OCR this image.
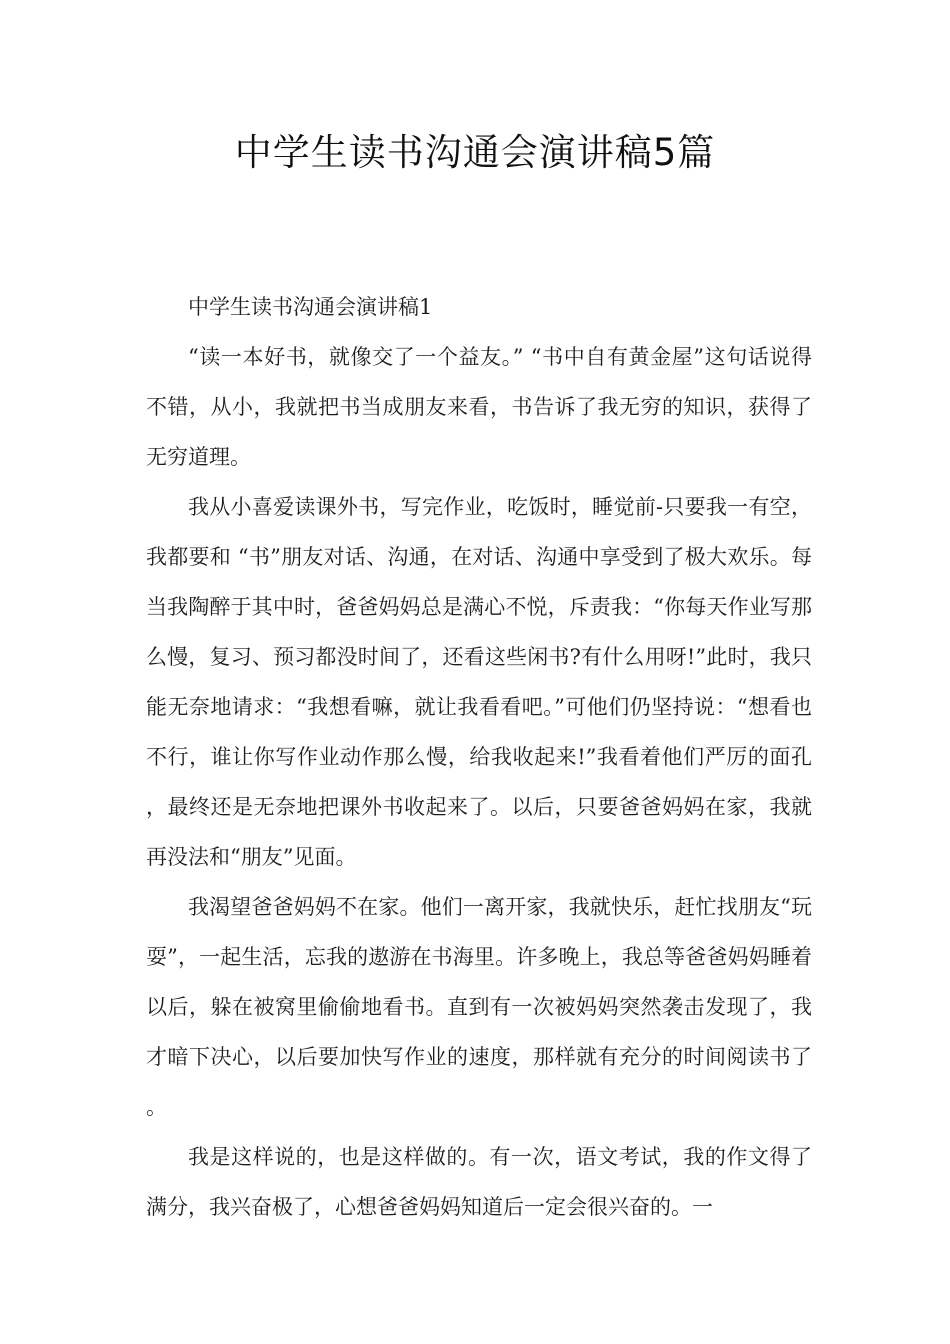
中学生读书沟通会演讲稿5篇

中学生读书沟通会演讲稿1

“读一本好书，就像交了一个益友。” “书中自有黄金屋”这句话说得不错，从小，我就把书当成朋友来看，书告诉了我无穷的知识，获得了无穷道理。

我从小喜爱读课外书，写完作业，吃饭时，睡觉前-只要我一有空，我都要和 “书”朋友对话、沟通，在对话、沟通中享受到了极大欢乐。每当我陶醉于其中时，爸爸妈妈总是满心不悦，斥责我：“你每天作业写那么慢，复习、预习都没时间了，还看这些闲书?有什么用呀!”此时，我只能无奈地请求：“我想看嘛，就让我看看吧。”可他们仍坚持说：“想看也不行，谁让你写作业动作那么慢，给我收起来!”我看着他们严厉的面孔，最终还是无奈地把课外书收起来了。以后，只要爸爸妈妈在家，我就再没法和“朋友”见面。

我渴望爸爸妈妈不在家。他们一离开家，我就快乐，赶忙找朋友“玩耍”，一起生活，忘我的遨游在书海里。许多晚上，我总等爸爸妈妈睡着以后，躲在被窝里偷偷地看书。直到有一次被妈妈突然袭击发现了，我才暗下决心，以后要加快写作业的速度，那样就有充分的时间阅读书了。

我是这样说的，也是这样做的。有一次，语文考试，我的作文得了满分，我兴奋极了，心想爸爸妈妈知道后一定会很兴奋的。一
